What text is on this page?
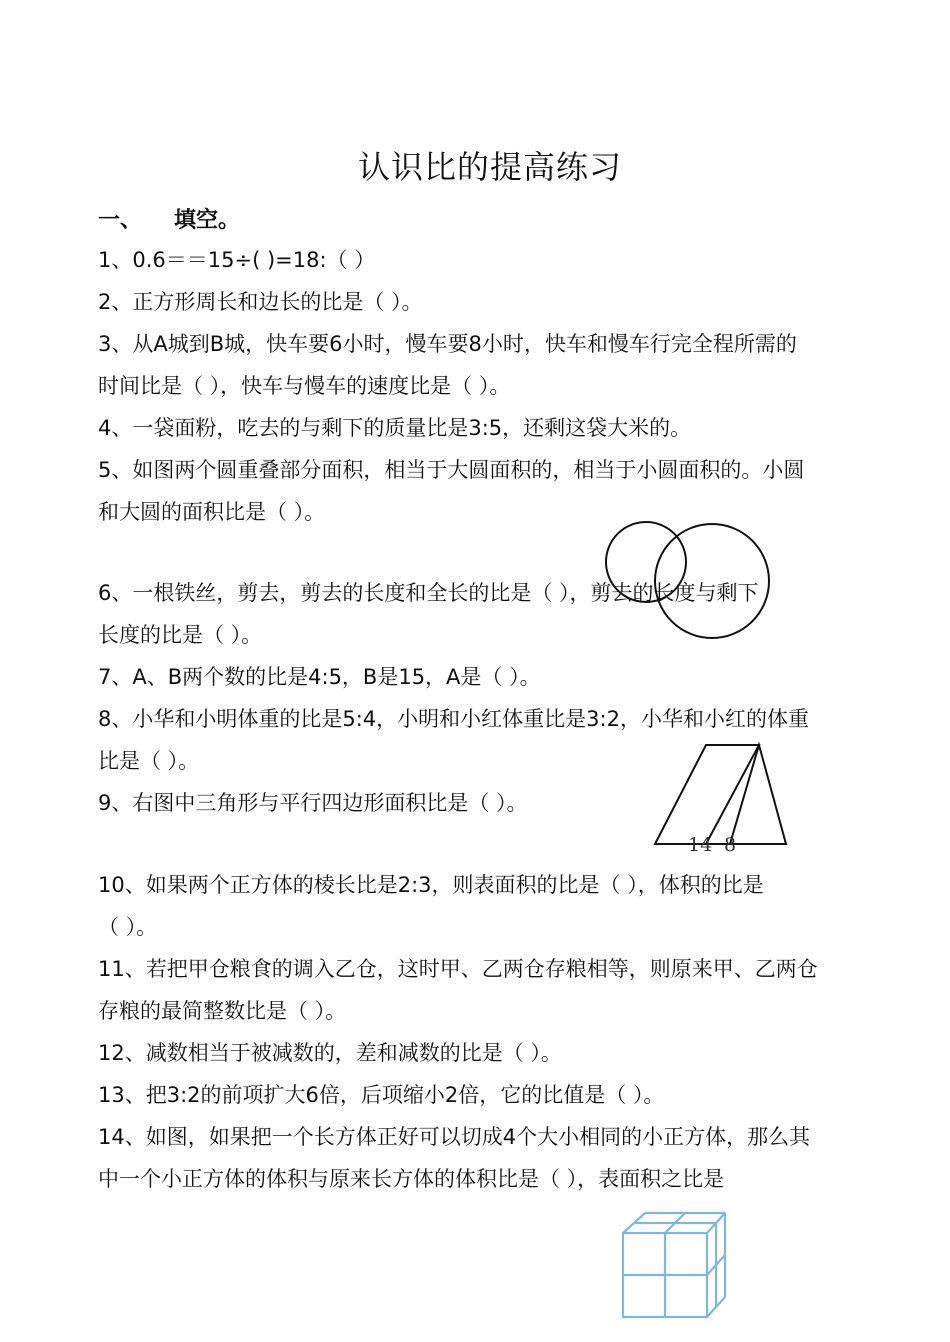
认识比的提高练习
一、 填空。
1、0.6＝＝15÷( )=18:（ ）
2、正方形周长和边长的比是（ ）。
3、从A城到B城，快车要6小时，慢车要8小时，快车和慢车行完全程所需的
时间比是（ ），快车与慢车的速度比是（ ）。
4、一袋面粉，吃去的与剩下的质量比是3:5，还剩这袋大米的。
5、如图两个圆重叠部分面积，相当于大圆面积的，相当于小圆面积的。小圆
和大圆的面积比是（ ）。
6、一根铁丝，剪去，剪去的长度和全长的比是（ ），剪去的长度与剩下
长度的比是（ ）。
7、A、B两个数的比是4:5，B是15，A是（ ）。
8、小华和小明体重的比是5:4，小明和小红体重比是3:2，小华和小红的体重
比是（ ）。
9、右图中三角形与平行四边形面积比是（ ）。
10、如果两个正方体的棱长比是2:3，则表面积的比是（ ），体积的比是
（ ）。
11、若把甲仓粮食的调入乙仓，这时甲、乙两仓存粮相等，则原来甲、乙两仓
存粮的最简整数比是（ ）。
12、减数相当于被减数的，差和减数的比是（ ）。
13、把3:2的前项扩大6倍，后项缩小2倍，它的比值是（ ）。
14、如图，如果把一个长方体正好可以切成4个大小相同的小正方体，那么其
中一个小正方体的体积与原来长方体的体积比是（ ），表面积之比是
14 8
